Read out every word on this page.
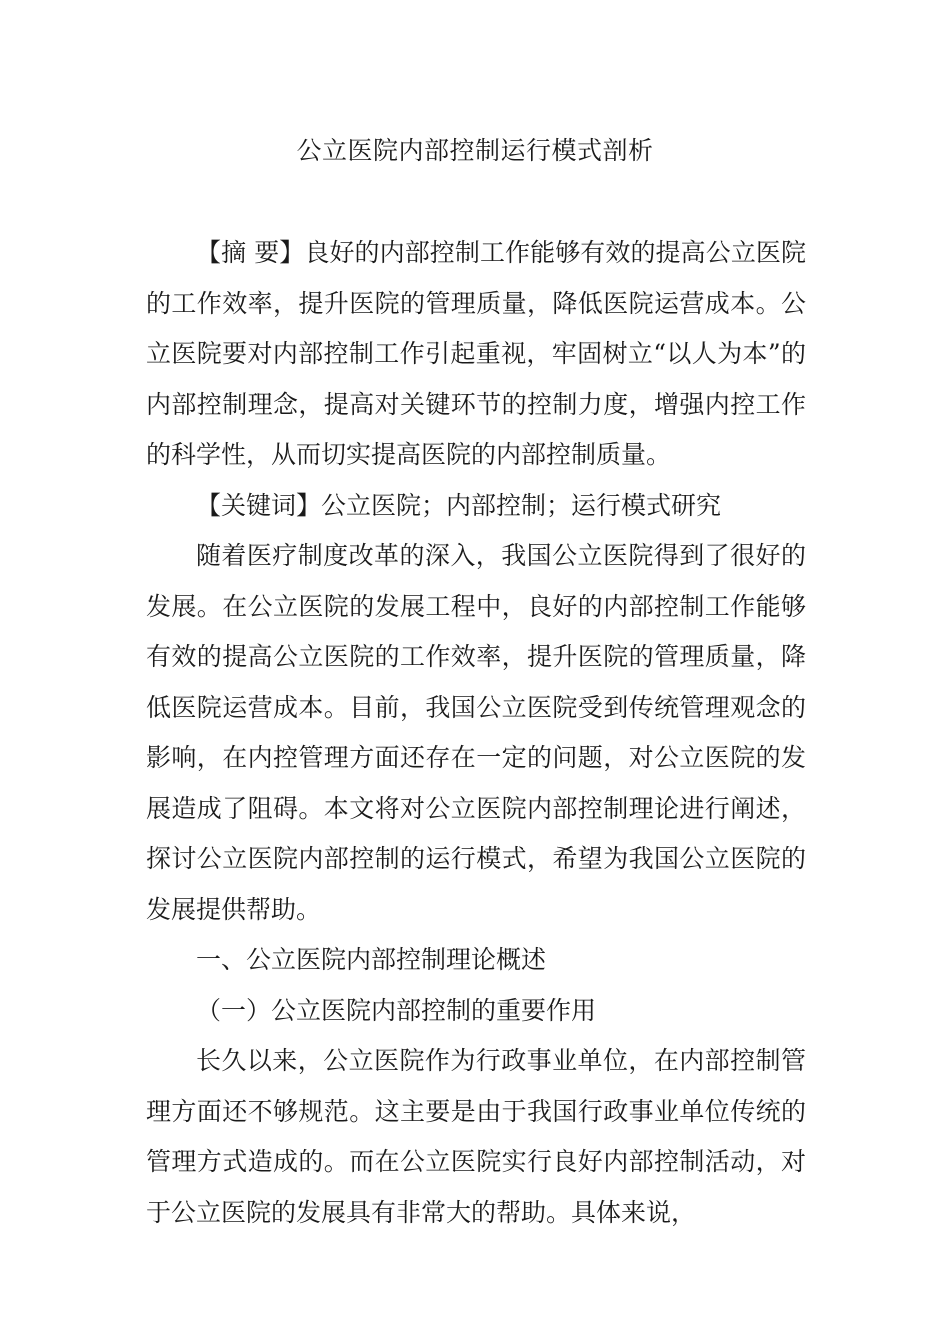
公立医院内部控制运行模式剖析

【摘 要】良好的内部控制工作能够有效的提高公立医院的工作效率，提升医院的管理质量，降低医院运营成本。公立医院要对内部控制工作引起重视，牢固树立“以人为本”的内部控制理念，提高对关键环节的控制力度，增强内控工作的科学性，从而切实提高医院的内部控制质量。

【关键词】公立医院；内部控制；运行模式研究

随着医疗制度改革的深入，我国公立医院得到了很好的发展。在公立医院的发展工程中，良好的内部控制工作能够有效的提高公立医院的工作效率，提升医院的管理质量，降低医院运营成本。目前，我国公立医院受到传统管理观念的影响，在内控管理方面还存在一定的问题，对公立医院的发展造成了阻碍。本文将对公立医院内部控制理论进行阐述，探讨公立医院内部控制的运行模式，希望为我国公立医院的发展提供帮助。

一、公立医院内部控制理论概述

（一）公立医院内部控制的重要作用

长久以来，公立医院作为行政事业单位，在内部控制管理方面还不够规范。这主要是由于我国行政事业单位传统的管理方式造成的。而在公立医院实行良好内部控制活动，对于公立医院的发展具有非常大的帮助。具体来说，
